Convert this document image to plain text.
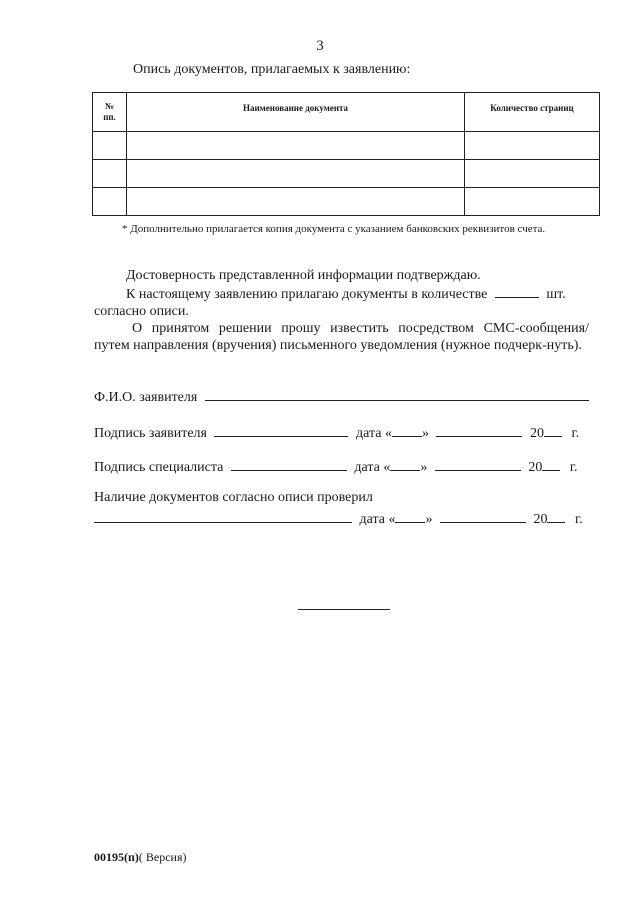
3
Опись документов, прилагаемых к заявлению:
№
пп.	Наименование документа	Количество страниц

* Дополнительно прилагается копия документа с указанием банковских реквизитов счета.
Достоверность представленной информации подтверждаю.
К настоящему заявлению прилагаю документы в количестве	шт.
согласно описи.
О принятом решении прошу известить посредством СМС-сообщения/ путем направления (вручения) письменного уведомления (нужное подчерк-нуть).
Ф.И.О. заявителя
Подпись заявителя	дата « »	20 г.
Подпись специалиста	дата « »	20 г.
Наличие документов согласно описи проверил
дата « »	20 г.
00195(п)( Версия)
